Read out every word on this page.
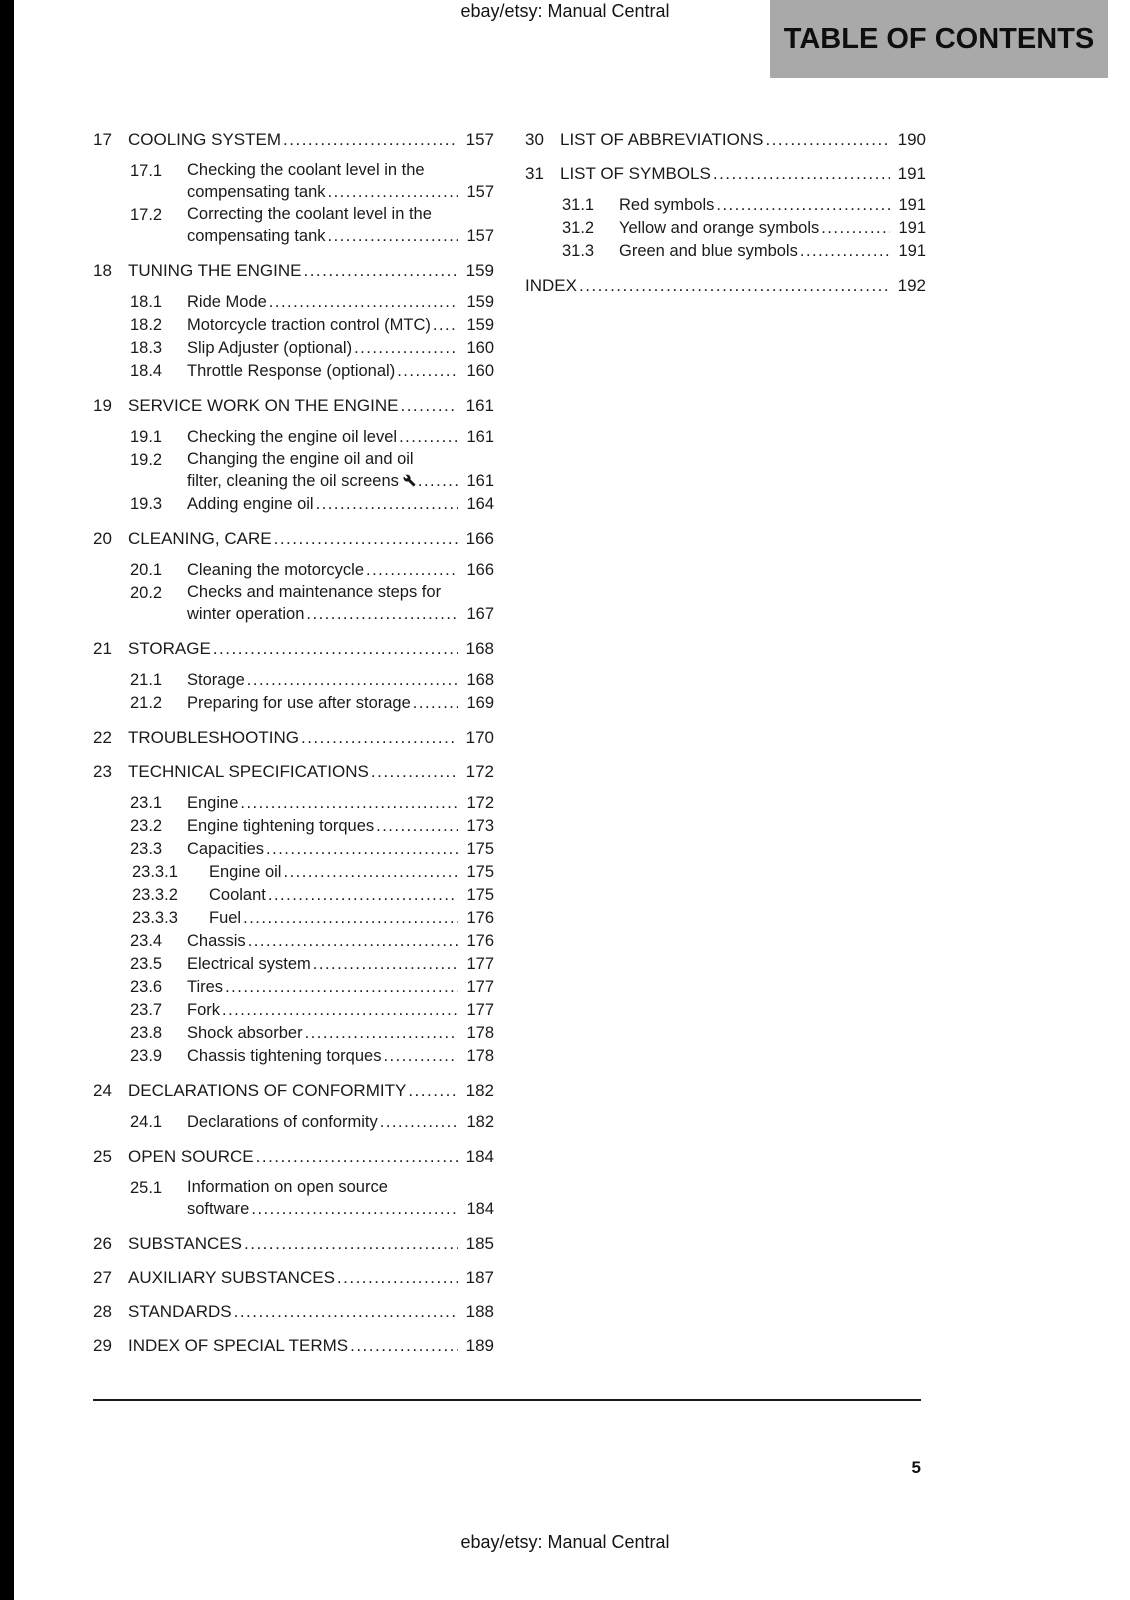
ebay/etsy: Manual Central
TABLE OF CONTENTS
17 COOLING SYSTEM .....	157
17.1	Checking the coolant level in the
compensating tank .....	157
17.2	Correcting the coolant level in the
compensating tank .....	157
18 TUNING THE ENGINE .....	159
18.1	Ride Mode .....	159
18.2	Motorcycle traction control (MTC) .....	159
18.3	Slip Adjuster (optional) .....	160
18.4	Throttle Response (optional) .....	160
19 SERVICE WORK ON THE ENGINE .....	161
19.1	Checking the engine oil level .....	161
19.2	Changing the engine oil and oil
filter, cleaning the oil screens .....	161
19.3	Adding engine oil .....	164
20 CLEANING, CARE .....	166
20.1	Cleaning the motorcycle .....	166
20.2	Checks and maintenance steps for
winter operation .....	167
21 STORAGE .....	168
21.1	Storage .....	168
21.2	Preparing for use after storage .....	169
22 TROUBLESHOOTING .....	170
23 TECHNICAL SPECIFICATIONS .....	172
23.1	Engine .....	172
23.2	Engine tightening torques .....	173
23.3	Capacities .....	175
23.3.1	Engine oil .....	175
23.3.2	Coolant .....	175
23.3.3	Fuel .....	176
23.4	Chassis .....	176
23.5	Electrical system .....	177
23.6	Tires .....	177
23.7	Fork .....	177
23.8	Shock absorber .....	178
23.9	Chassis tightening torques .....	178
24 DECLARATIONS OF CONFORMITY .....	182
24.1	Declarations of conformity .....	182
25 OPEN SOURCE .....	184
25.1	Information on open source
software .....	184
26 SUBSTANCES .....	185
27 AUXILIARY SUBSTANCES .....	187
28 STANDARDS .....	188
29 INDEX OF SPECIAL TERMS .....	189
30 LIST OF ABBREVIATIONS .....	190
31 LIST OF SYMBOLS .....	191
31.1	Red symbols .....	191
31.2	Yellow and orange symbols .....	191
31.3	Green and blue symbols .....	191
INDEX .....	192
5
ebay/etsy: Manual Central
